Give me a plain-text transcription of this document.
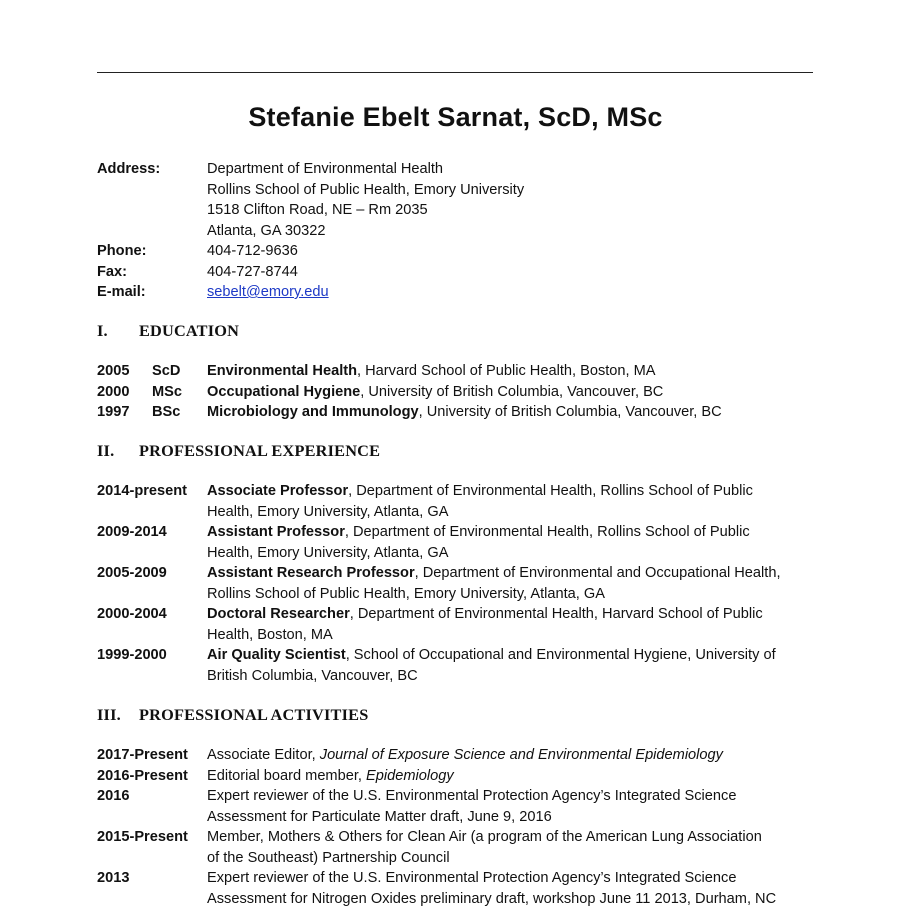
Stefanie Ebelt Sarnat, ScD, MSc
Address:	Department of Environmental Health
Rollins School of Public Health, Emory University
1518 Clifton Road, NE – Rm 2035
Atlanta, GA 30322
Phone:	404-712-9636
Fax:	404-727-8744
E-mail:	sebelt@emory.edu
I. EDUCATION
2005	ScD	Environmental Health, Harvard School of Public Health, Boston, MA
2000	MSc	Occupational Hygiene, University of British Columbia, Vancouver, BC
1997	BSc	Microbiology and Immunology, University of British Columbia, Vancouver, BC
II. PROFESSIONAL EXPERIENCE
2014-present	Associate Professor, Department of Environmental Health, Rollins School of Public
Health, Emory University, Atlanta, GA
2009-2014	Assistant Professor, Department of Environmental Health, Rollins School of Public
Health, Emory University, Atlanta, GA
2005-2009	Assistant Research Professor, Department of Environmental and Occupational Health,
Rollins School of Public Health, Emory University, Atlanta, GA
2000-2004	Doctoral Researcher, Department of Environmental Health, Harvard School of Public
Health, Boston, MA
1999-2000	Air Quality Scientist, School of Occupational and Environmental Hygiene, University of
British Columbia, Vancouver, BC
III. PROFESSIONAL ACTIVITIES
2017-Present	Associate Editor, Journal of Exposure Science and Environmental Epidemiology
2016-Present	Editorial board member, Epidemiology
2016	Expert reviewer of the U.S. Environmental Protection Agency’s Integrated Science
Assessment for Particulate Matter draft, June 9, 2016
2015-Present	Member, Mothers & Others for Clean Air (a program of the American Lung Association
of the Southeast) Partnership Council
2013	Expert reviewer of the U.S. Environmental Protection Agency’s Integrated Science
Assessment for Nitrogen Oxides preliminary draft, workshop June 11 2013, Durham, NC
